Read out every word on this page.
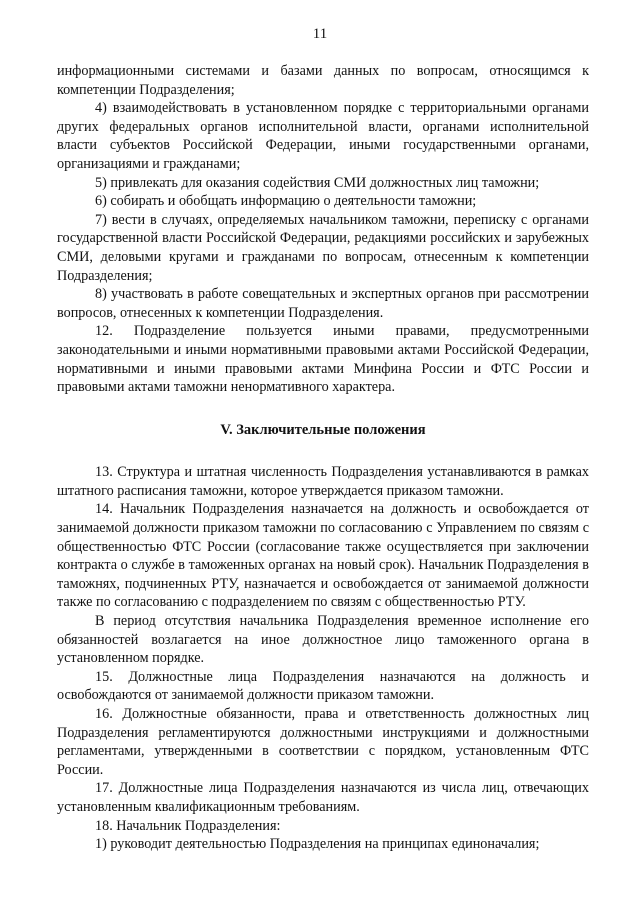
11

информационными системами и базами данных по вопросам, относящимся к компетенции Подразделения;

4) взаимодействовать в установленном порядке с территориальными органами других федеральных органов исполнительной власти, органами исполнительной власти субъектов Российской Федерации, иными государственными органами, организациями и гражданами;

5) привлекать для оказания содействия СМИ должностных лиц таможни;

6) собирать и обобщать информацию о деятельности таможни;

7) вести в случаях, определяемых начальником таможни, переписку с органами государственной власти Российской Федерации, редакциями российских и зарубежных СМИ, деловыми кругами и гражданами по вопросам, отнесенным к компетенции Подразделения;

8) участвовать в работе совещательных и экспертных органов при рассмотрении вопросов, отнесенных к компетенции Подразделения.

12. Подразделение пользуется иными правами, предусмотренными законодательными и иными нормативными правовыми актами Российской Федерации, нормативными и иными правовыми актами Минфина России и ФТС России и правовыми актами таможни ненормативного характера.

V. Заключительные положения

13. Структура и штатная численность Подразделения устанавливаются в рамках штатного расписания таможни, которое утверждается приказом таможни.

14. Начальник Подразделения назначается на должность и освобождается от занимаемой должности приказом таможни по согласованию с Управлением по связям с общественностью ФТС России (согласование также осуществляется при заключении контракта о службе в таможенных органах на новый срок). Начальник Подразделения в таможнях, подчиненных РТУ, назначается и освобождается от занимаемой должности также по согласованию с подразделением по связям с общественностью РТУ.

В период отсутствия начальника Подразделения временное исполнение его обязанностей возлагается на иное должностное лицо таможенного органа в установленном порядке.

15. Должностные лица Подразделения назначаются на должность и освобождаются от занимаемой должности приказом таможни.

16. Должностные обязанности, права и ответственность должностных лиц Подразделения регламентируются должностными инструкциями и должностными регламентами, утвержденными в соответствии с порядком, установленным ФТС России.

17. Должностные лица Подразделения назначаются из числа лиц, отвечающих установленным квалификационным требованиям.

18. Начальник Подразделения:

1) руководит деятельностью Подразделения на принципах единоначалия;
